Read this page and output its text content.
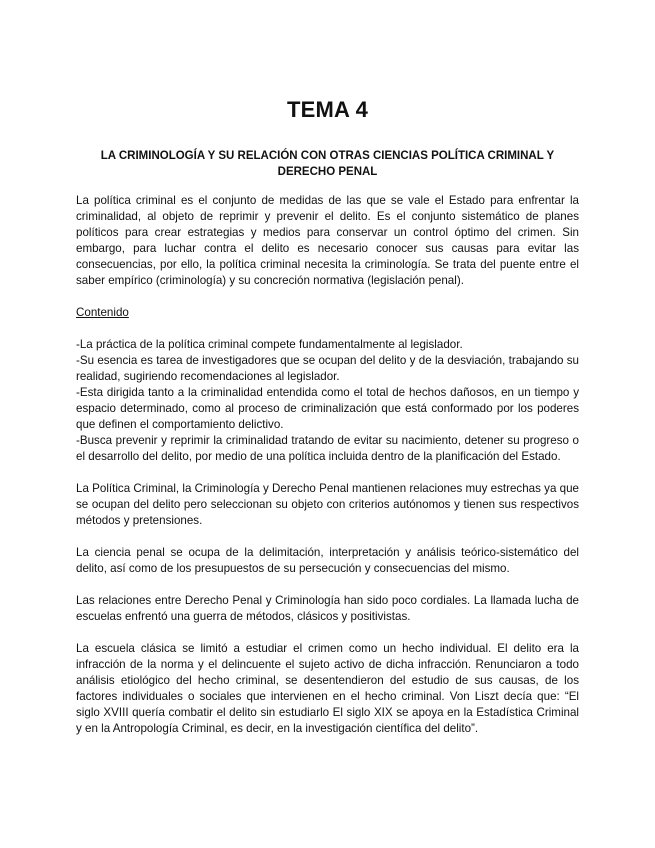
TEMA 4
LA CRIMINOLOGÍA Y SU RELACIÓN CON OTRAS CIENCIAS POLÍTICA CRIMINAL Y DERECHO PENAL

La política criminal es el conjunto de medidas de las que se vale el Estado para enfrentar la criminalidad, al objeto de reprimir y prevenir el delito. Es el conjunto sistemático de planes políticos para crear estrategias y medios para conservar un control óptimo del crimen. Sin embargo, para luchar contra el delito es necesario conocer sus causas para evitar las consecuencias, por ello, la política criminal necesita la criminología. Se trata del puente entre el saber empírico (criminología) y su concreción normativa (legislación penal).

Contenido

-La práctica de la política criminal compete fundamentalmente al legislador.

-Su esencia es tarea de investigadores que se ocupan del delito y de la desviación, trabajando su realidad, sugiriendo recomendaciones al legislador.

-Esta dirigida tanto a la criminalidad entendida como el total de hechos dañosos, en un tiempo y espacio determinado, como al proceso de criminalización que está conformado por los poderes que definen el comportamiento delictivo.

-Busca prevenir y reprimir la criminalidad tratando de evitar su nacimiento, detener su progreso o el desarrollo del delito, por medio de una política incluida dentro de la planificación del Estado.

La Política Criminal, la Criminología y Derecho Penal mantienen relaciones muy estrechas ya que se ocupan del delito pero seleccionan su objeto con criterios autónomos y tienen sus respectivos métodos y pretensiones.

La ciencia penal se ocupa de la delimitación, interpretación y análisis teórico-sistemático del delito, así como de los presupuestos de su persecución y consecuencias del mismo.

Las relaciones entre Derecho Penal y Criminología han sido poco cordiales. La llamada lucha de escuelas enfrentó una guerra de métodos, clásicos y positivistas.

La escuela clásica se limitó a estudiar el crimen como un hecho individual. El delito era la infracción de la norma y el delincuente el sujeto activo de dicha infracción. Renunciaron a todo análisis etiológico del hecho criminal, se desentendieron del estudio de sus causas, de los factores individuales o sociales que intervienen en el hecho criminal. Von Liszt decía que: “El siglo XVIII quería combatir el delito sin estudiarlo El siglo XIX se apoya en la Estadística Criminal y en la Antropología Criminal, es decir, en la investigación científica del delito”.
